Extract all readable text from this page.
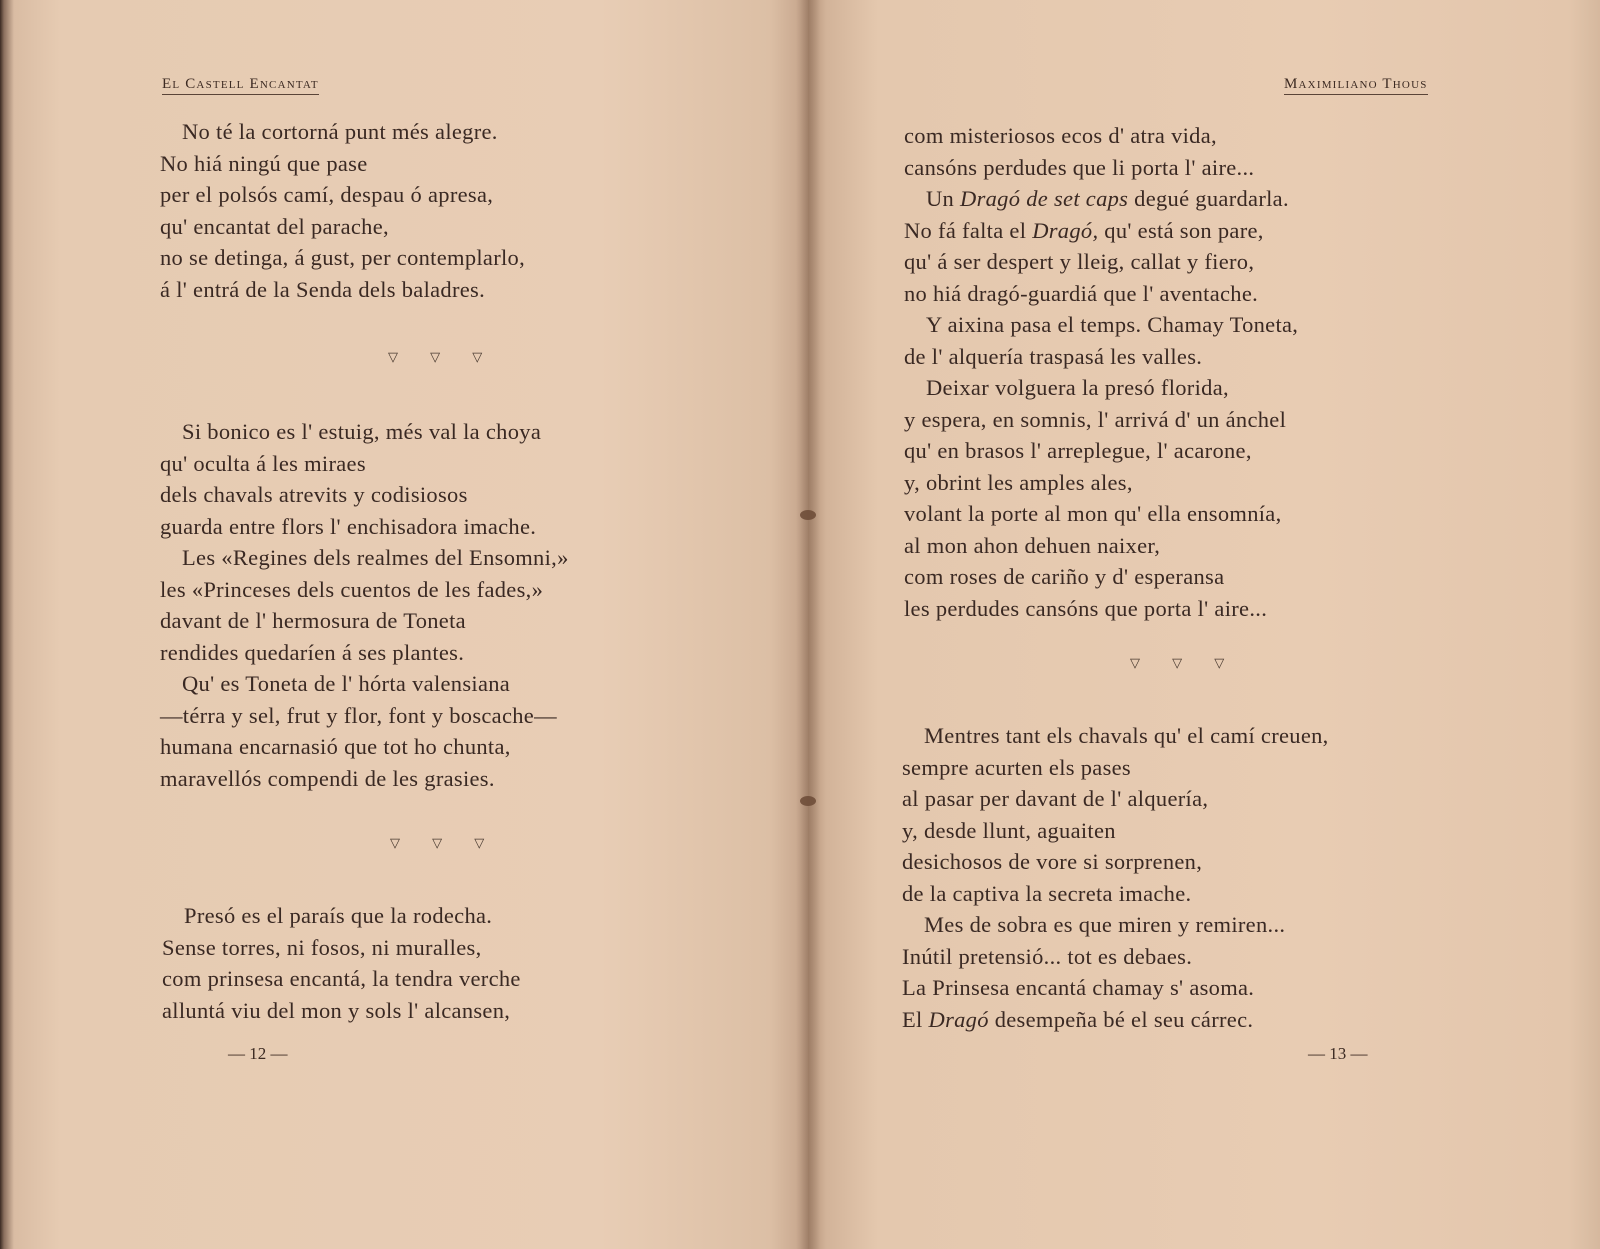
El Castell Encantat
No té la cortorná punt més alegre.
No hiá ningú que pase
per el polsós camí, despau ó apresa,
qu' encantat del parache,
no se detinga, á gust, per contemplarlo,
á l' entrá de la Senda dels baladres.
▽ ▽ ▽
Si bonico es l' estuig, més val la choya
qu' oculta á les miraes
dels chavals atrevits y codisiosos
guarda entre flors l' enchisadora imache.
Les «Regines dels realmes del Ensomni,»
les «Princeses dels cuentos de les fades,»
davant de l' hermosura de Toneta
rendides quedaríen á ses plantes.
Qu' es Toneta de l' hórta valensiana
—térra y sel, frut y flor, font y boscache—
humana encarnasió que tot ho chunta,
maravellós compendi de les grasies.
▽ ▽ ▽
Presó es el paraís que la rodecha.
Sense torres, ni fosos, ni muralles,
com prinsesa encantá, la tendra verche
alluntá viu del mon y sols l' alcansen,
— 12 —
Maximiliano Thous
com misteriosos ecos d' atra vida,
cansóns perdudes que li porta l' aire...
Un Dragó de set caps degué guardarla.
No fá falta el Dragó, qu' está son pare,
qu' á ser despert y lleig, callat y fiero,
no hiá dragó-guardiá que l' aventache.
Y aixina pasa el temps. Chamay Toneta,
de l' alquería traspasá les valles.
Deixar volguera la presó florida,
y espera, en somnis, l' arrivá d' un ánchel
qu' en brasos l' arreplegue, l' acarone,
y, obrint les amples ales,
volant la porte al mon qu' ella ensomnía,
al mon ahon dehuen naixer,
com roses de cariño y d' esperansa
les perdudes cansóns que porta l' aire...
▽ ▽ ▽
Mentres tant els chavals qu' el camí creuen,
sempre acurten els pases
al pasar per davant de l' alquería,
y, desde llunt, aguaiten
desichosos de vore si sorprenen,
de la captiva la secreta imache.
Mes de sobra es que miren y remiren...
Inútil pretensió... tot es debaes.
La Prinsesa encantá chamay s' asoma.
El Dragó desempeña bé el seu cárrec.
— 13 —
